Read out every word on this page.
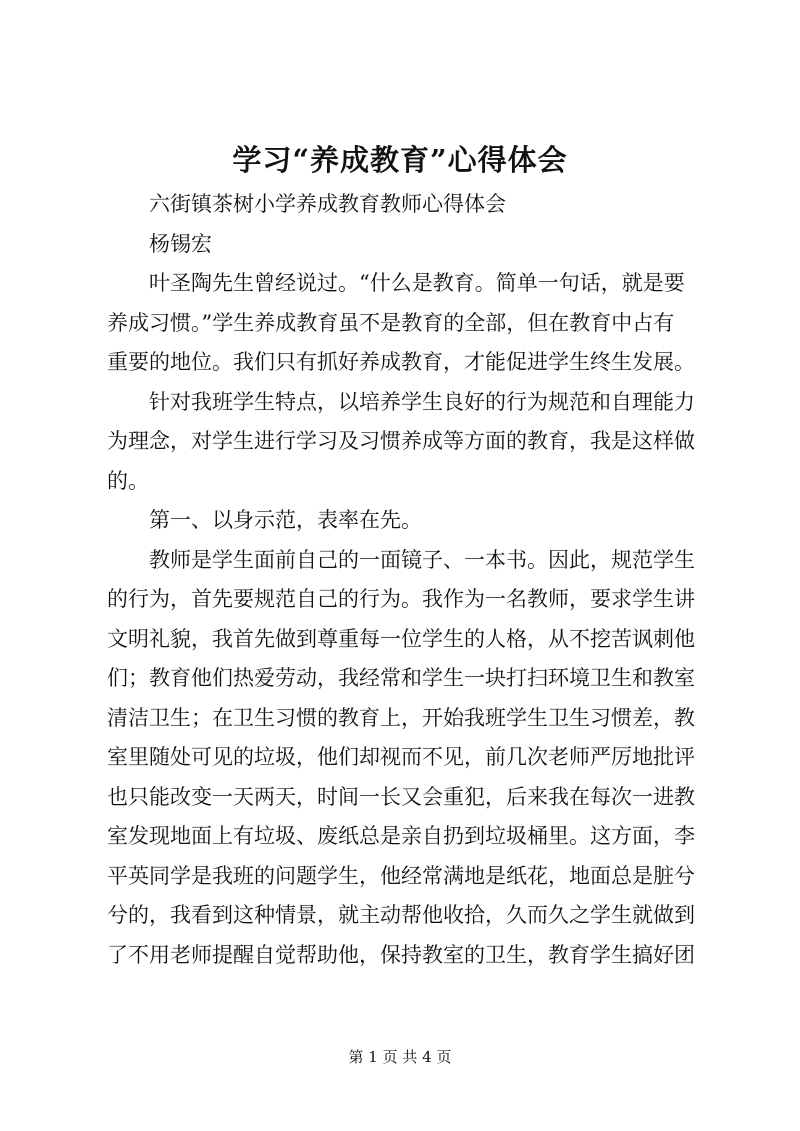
学习“养成教育”心得体会
六街镇茶树小学养成教育教师心得体会
杨锡宏
叶圣陶先生曾经说过。“什么是教育。简单一句话，就是要
养成习惯。”学生养成教育虽不是教育的全部，但在教育中占有
重要的地位。我们只有抓好养成教育，才能促进学生终生发展。
针对我班学生特点，以培养学生良好的行为规范和自理能力
为理念，对学生进行学习及习惯养成等方面的教育，我是这样做
的。
第一、以身示范，表率在先。
教师是学生面前自己的一面镜子、一本书。因此，规范学生
的行为，首先要规范自己的行为。我作为一名教师，要求学生讲
文明礼貌，我首先做到尊重每一位学生的人格，从不挖苦讽刺他
们；教育他们热爱劳动，我经常和学生一块打扫环境卫生和教室
清洁卫生；在卫生习惯的教育上，开始我班学生卫生习惯差，教
室里随处可见的垃圾，他们却视而不见，前几次老师严厉地批评
也只能改变一天两天，时间一长又会重犯，后来我在每次一进教
室发现地面上有垃圾、废纸总是亲自扔到垃圾桶里。这方面，李
平英同学是我班的问题学生，他经常满地是纸花，地面总是脏兮
兮的，我看到这种情景，就主动帮他收拾，久而久之学生就做到
了不用老师提醒自觉帮助他，保持教室的卫生，教育学生搞好团
第 1 页 共 4 页
